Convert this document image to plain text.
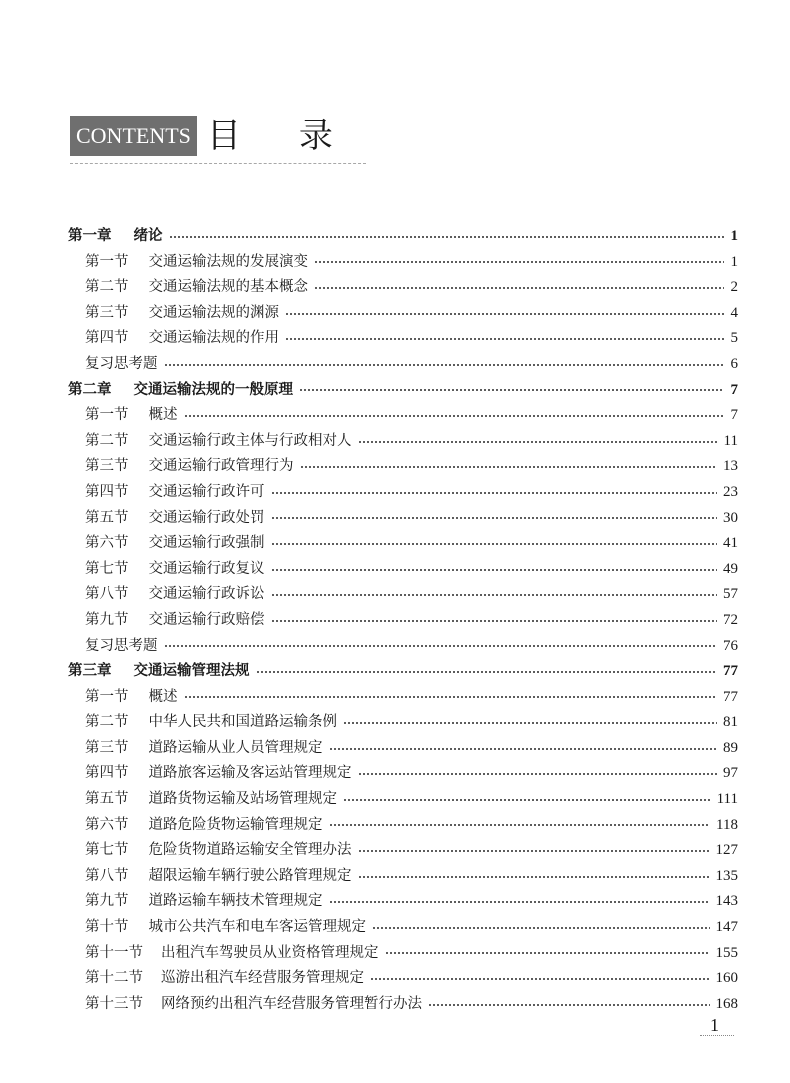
CONTENTS 目录
第一章 绪论	1
第一节 交通运输法规的发展演变	1
第二节 交通运输法规的基本概念	2
第三节 交通运输法规的渊源	4
第四节 交通运输法规的作用	5
复习思考题	6
第二章 交通运输法规的一般原理	7
第一节 概述	7
第二节 交通运输行政主体与行政相对人	11
第三节 交通运输行政管理行为	13
第四节 交通运输行政许可	23
第五节 交通运输行政处罚	30
第六节 交通运输行政强制	41
第七节 交通运输行政复议	49
第八节 交通运输行政诉讼	57
第九节 交通运输行政赔偿	72
复习思考题	76
第三章 交通运输管理法规	77
第一节 概述	77
第二节 中华人民共和国道路运输条例	81
第三节 道路运输从业人员管理规定	89
第四节 道路旅客运输及客运站管理规定	97
第五节 道路货物运输及站场管理规定	111
第六节 道路危险货物运输管理规定	118
第七节 危险货物道路运输安全管理办法	127
第八节 超限运输车辆行驶公路管理规定	135
第九节 道路运输车辆技术管理规定	143
第十节 城市公共汽车和电车客运管理规定	147
第十一节 出租汽车驾驶员从业资格管理规定	155
第十二节 巡游出租汽车经营服务管理规定	160
第十三节 网络预约出租汽车经营服务管理暂行办法	168
1
